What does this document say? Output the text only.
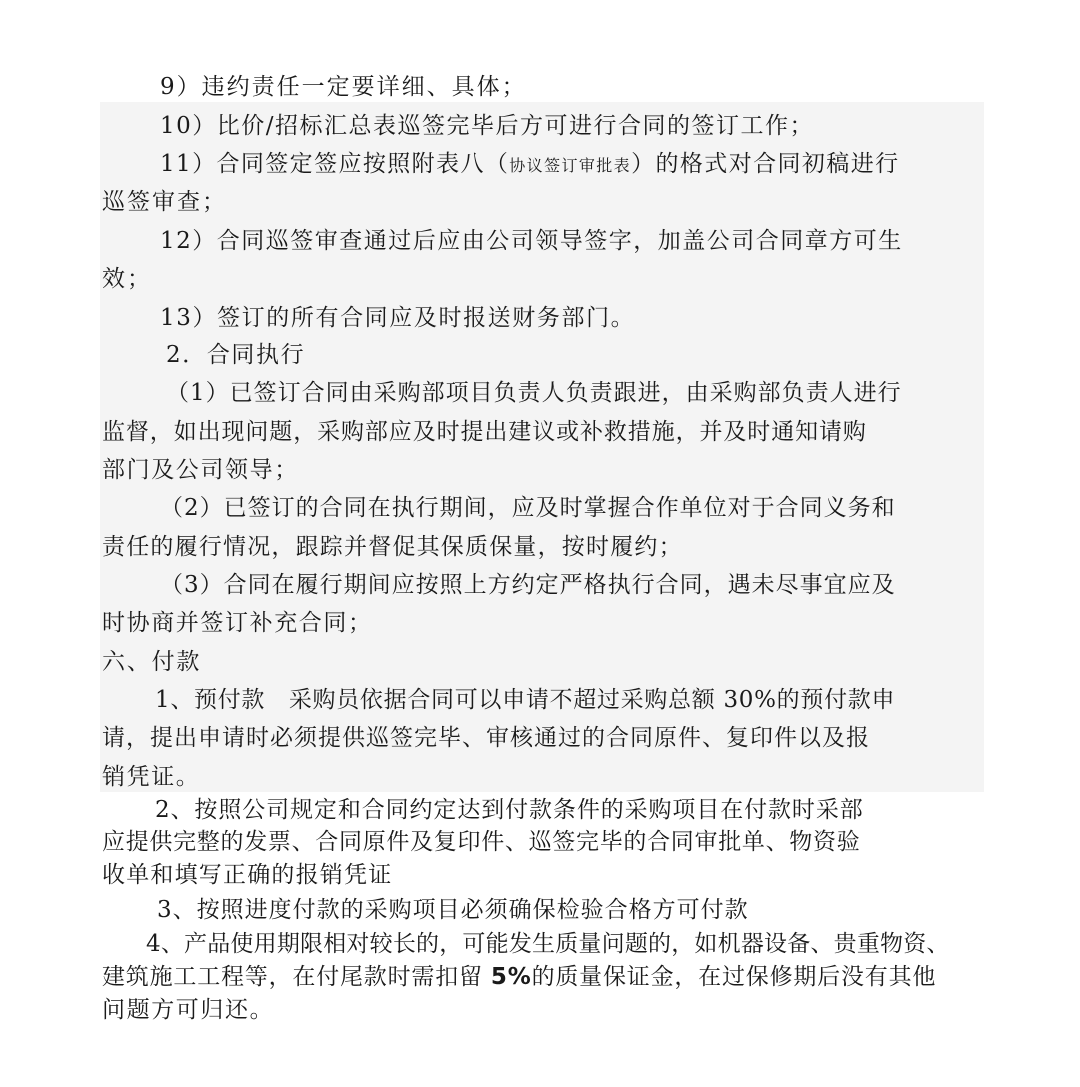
9）违约责任一定要详细、具体；
10）比价/招标汇总表巡签完毕后方可进行合同的签订工作；
11）合同签定签应按照附表八（协议签订审批表）的格式对合同初稿进行
巡签审查；
12）合同巡签审查通过后应由公司领导签字，加盖公司合同章方可生
效；
13）签订的所有合同应及时报送财务部门。
2．合同执行
（1）已签订合同由采购部项目负责人负责跟进，由采购部负责人进行
监督，如出现问题，采购部应及时提出建议或补救措施，并及时通知请购
部门及公司领导；
（2）已签订的合同在执行期间，应及时掌握合作单位对于合同义务和
责任的履行情况，跟踪并督促其保质保量，按时履约；
（3）合同在履行期间应按照上方约定严格执行合同，遇未尽事宜应及
时协商并签订补充合同；
六、付款
1、预付款　采购员依据合同可以申请不超过采购总额 30%的预付款申
请，提出申请时必须提供巡签完毕、审核通过的合同原件、复印件以及报
销凭证。
2、按照公司规定和合同约定达到付款条件的采购项目在付款时采部
应提供完整的发票、合同原件及复印件、巡签完毕的合同审批单、物资验
收单和填写正确的报销凭证
3、按照进度付款的采购项目必须确保检验合格方可付款
4、产品使用期限相对较长的，可能发生质量问题的，如机器设备、贵重物资、
建筑施工工程等，在付尾款时需扣留 5%的质量保证金，在过保修期后没有其他
问题方可归还。
